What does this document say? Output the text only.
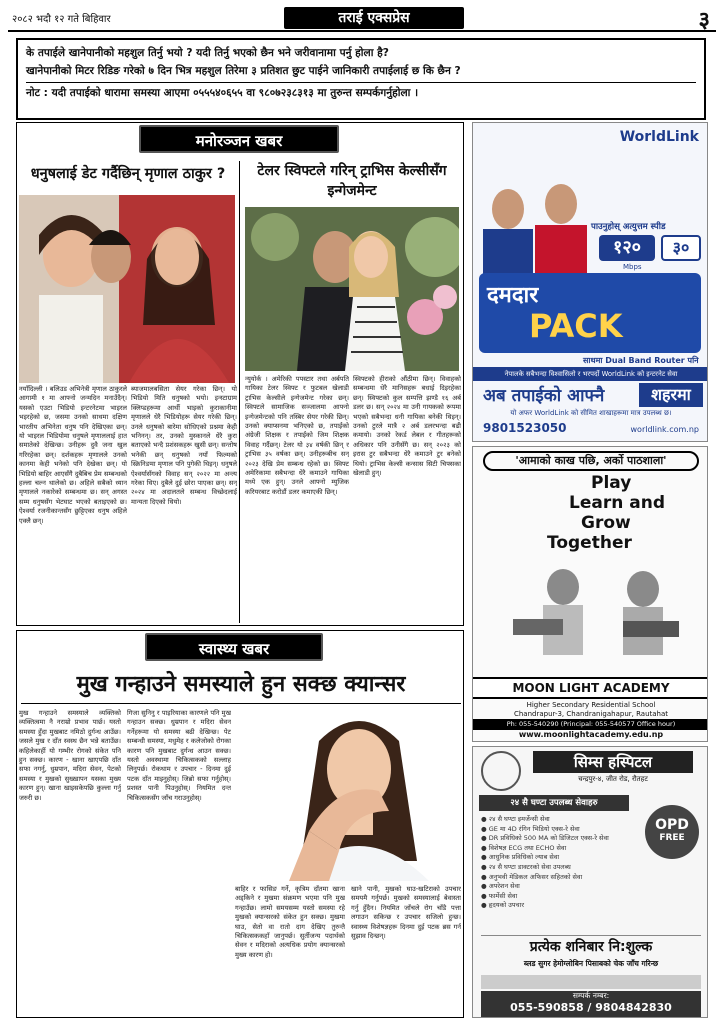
२०८२ भदौ १२ गते बिहिवार	तराई एक्सप्रेस	३
के तपाईले खानेपानीको महशुल तिर्नु भयो ? यदी तिर्नु भएको छैन भने जरीवानामा पर्नु होला है?
खानेपानीको मिटर रिडिङ गरेको ७ दिन भित्र महशुल तिरेमा ३ प्रतिशत छुट पाईने जानिकारी तपाईलाई छ कि छैन ?
नोट : यदी तपाईको धारामा समस्या आएमा ०५५५४०६५५ वा ९८०७२३८३१३ मा तुरुन्त सम्पर्कगर्नुहोला ।
मनोरञ्जन खबर
धनुषलाई डेट गर्दैछिन् मृणाल ठाकुर ?
नयाँदिल्ली । बलिउड अभिनेत्री मृणाल ठाकुरले आगामी १ मा आफ्नो जन्मदिन मनाउँदैन्। यसको एउटा भिडियो इन्टरनेटमा भाइरल भइरहेको छ, जसमा उनको साथमा दक्षिण भारतीय अभिनेता धनुष पनि देखिएका छन्। यो भाइरल भिडियोमा धनुषले मृणाललाई हात समातेको देखिन्छ। उनीहरू दुवै जना खुल गरिरहेका छन्। दर्शकहरू मृणालले उनको कानमा केही भनेको पनि देखेका छन्। यो भिडियो बाहिर आएसँगै दुबैबिच प्रेम सम्बन्धको हल्ला चल्न थालेको छ। अहिले सबैको ध्यान मृणालले नकारेको सम्बन्धमा छ। सन् अगस्त सम्म धनुषसँग भेटघाट भएको बताइएको छ। ऐश्वर्या रजनीकान्तसँग छुट्टिएका धनुष अहिले एक्लै छन्।
ब्याजमालबसिता सेयर गरेका छिन्। यो भिडियो मिति धनुषको भयो। इन्स्टाग्राम क्लिप्डहरूमा आर्थी भाइको कुराकानीमा मृणालले धेरै भिडियोहरू सेयर गरेकी छिन्। उनले धनुषको बारेमा सोधिएको प्रश्नमा केही भनिनन्। तर, उनको मुस्कानले धेरै कुरा बताएको भन्दै प्रशंसकहरू खुसी छन्। सन्तोष भनेकी छन् धनुषको नयाँ फिल्मको स्क्रिनिङमा मृणाल पनि पुगेकी थिइन्। धनुषले ऐश्वर्यासँगको विवाह सन् २०२२ मा अन्त्य गरेका थिए। दुबैले दुई छोरा पाएका छन्। सन् २०२४ मा अदालतले सम्बन्ध विच्छेदलाई मान्यता दिएको थियो।
टेलर स्विफ्टले गरिन् ट्राभिस केल्सीसँग इन्गेजमेन्ट
न्युयोर्क । अमेरिकी पपस्टार तथा अर्बपति गायिका टेलर स्विफ्ट र फुटबल खेलाडी ट्राभिस केल्सीले इन्गेजमेन्ट गरेका छन्। स्विफ्टले सामाजिक सञ्जालमा आफ्नो इन्गेजमेन्टको पनि तस्बिर सेयर गरेकी छिन्। उनको क्याप्सनमा भनिएको छ, तपाईंको अंग्रेजी शिक्षक र तपाईंको जिम शिक्षक विवाह गर्दैछन्। टेलर यो ३४ वर्षकी छिन् र ट्राभिस ३५ वर्षका छन्। उनीहरूबीच सन् २०२३ देखि प्रेम सम्बन्ध रहेको छ। स्विफ्ट अमेरिकामा सबैभन्दा धेरै कमाउने गायिका मध्ये एक हुन्। उनले आफ्नो म्युजिक करियरबाट करोडौं डलर कमाएकी छिन्।
स्विफ्टको हीराको औंठीमा छिन्। विवाहको सम्बन्धमा धेरै मानिसहरू बधाई दिइरहेका छन्। स्विफ्टको कुल सम्पत्ति झण्डै १६ अर्ब डलर छ। सन् २०२४ मा उनी गायकको रूपमा भएको सबैभन्दा धनी गायिका बनेकी थिइन्। उनको टुरले मात्रै २ अर्ब डलरभन्दा बढी कमायो। उनको रेकर्ड लेबल र गीतहरूको अधिकार पनि उनीसँगै छ। सन् २०२३ को इरास टुर सबैभन्दा धेरै कमाउने टुर बनेको थियो। ट्राभिस केल्सी कन्सास सिटी चिफ्सका खेलाडी हुन्।
स्वास्थ्य खबर
मुख गन्हाउने समस्याले हुन सक्छ क्यान्सर
मुख गन्हाउने समस्याले व्यक्तिको व्यक्तित्वमा नै नराम्रो प्रभाव पार्छ। यस्तो समस्या हुँदा मुखबाट नमिठो दुर्गन्ध आउँछ। जसले मुख र दाँत स्वस्थ छैन भन्ने बताउँछ। कहिलेकाहीं यो गम्भीर रोगको संकेत पनि हुन सक्छ। कारण - खाना खाएपछि दाँत सफा नगर्नु, धुम्रपान, मदिरा सेवन, पेटको समस्या र मुखको सुख्खापन यसका मुख्य कारण हुन्। खाना खाइसकेपछि कुल्ला गर्नु जरुरी छ।
गिजा सुनिनु र पाइरियाका कारणले पनि मुख गन्हाउन सक्छ। धुम्रपान र मदिरा सेवन गर्नेहरूमा यो समस्या बढी देखिन्छ। पेट सम्बन्धी समस्या, मधुमेह र कलेजोको रोगका कारण पनि मुखबाट दुर्गन्ध आउन सक्छ। यस्तो अवस्थामा चिकित्सकको सल्लाह लिनुपर्छ। रोकथाम र उपचार - दिनमा दुई पटक दाँत माझ्नुहोस्। जिब्रो सफा गर्नुहोस्। प्रशस्त पानी पिउनुहोस्। नियमित दन्त चिकित्सकसँग जाँच गराउनुहोस्।
बाहिर र फासिङ गर्ने, कृत्रिम दाँतमा खाना अड्किने र मुखमा संक्रमण भएमा पनि मुख गन्हाउँछ। लामो समयसम्म यस्तो समस्या रहे मुखको क्यान्सरको संकेत हुन सक्छ। मुखमा घाउ, सेतो वा रातो दाग देखिए तुरुन्तै चिकित्सककहाँ जानुपर्छ। सुर्तीजन्य पदार्थको सेवन र मदिराको अत्यधिक प्रयोग क्यान्सरको मुख्य कारण हो।
खाने पानी, मुखको घाउ-खटिराको उपचार समयमै गर्नुपर्छ। मुखको समस्यालाई बेवास्ता गर्नु हुँदैन। नियमित जाँचले रोग चाँडै पत्ता लगाउन सकिन्छ र उपचार सजिलो हुन्छ। स्वास्थ्य विशेषज्ञहरू दिनमा दुई पटक ब्रस गर्न सुझाव दिन्छन्।
WorldLink
पाउनुहोस् अत्युत्तम स्पीड
१२०
Mbps
३०
दमदार
PACK
साथमा Dual Band Router पनि
नेपालके सबैभन्दा विश्वासिलो र भरपर्दो WorldLink को इन्टरनेट सेवा
अब तपाईको आफ्नै	शहरमा
यो अफर WorldLink को सीमित शाखाहरूमा मात्र उपलब्ध छ।
9801523050	worldlink.com.np
'आमाको काख पछि, अर्को पाठशाला'
Play
Learn and
Grow
Together
MOON LIGHT ACADEMY
Higher Secondary Residential School
Chandrapur-3, Chandranigahapur, Rautahat
Ph: 055-540290 (Principal: 055-540577 Office hour)
www.moonlightacademy.edu.np
सिम्स हस्पिटल
चन्द्रपुर-४, जीत रोड, रौतहट
२४ सै घण्टा उपलब्ध सेवाहरु
OPD
FREE
● २४ सै घण्टा इमर्जेन्सी सेवा
● GE मा 4D रंगिन भिडियो एक्स-रे सेवा
● DR प्रविधिको 500 MA को डिजिटल एक्स-रे सेवा
● विशेषज्ञ ECG तथा ECHO सेवा
● आधुनिक प्रविधिको ल्याब सेवा
● २४ सै घण्टा डाक्टरको सेवा उपलब्ध
● अनुभवी मेडिकल अफिसर सहितको सेवा
● अपरेशन सेवा
● फार्मेसी सेवा
● हृदयको उपचार
प्रत्येक शनिबार नि:शुल्क
ब्लड सुगर हेमोग्लोबिन पिसाबको चेक जाँच गरिन्छ
सम्पर्क नम्बर:
055-590858 / 9804842830
